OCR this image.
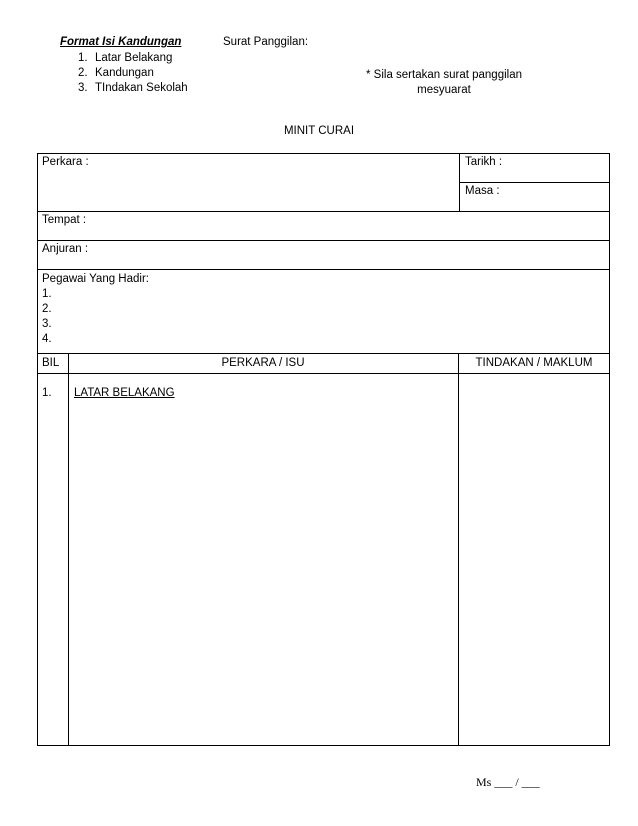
Format Isi Kandungan
1. Latar Belakang
2. Kandungan
3. TIndakan Sekolah
Surat Panggilan:
* Sila sertakan surat panggilan
mesyuarat
MINIT CURAI
Perkara :	Tarikh :
Masa :
Tempat :
Anjuran :
Pegawai Yang Hadir:
1.
2.
3.
4.
BIL	PERKARA / ISU	TINDAKAN / MAKLUM
1. LATAR BELAKANG
Ms ___ / ___
